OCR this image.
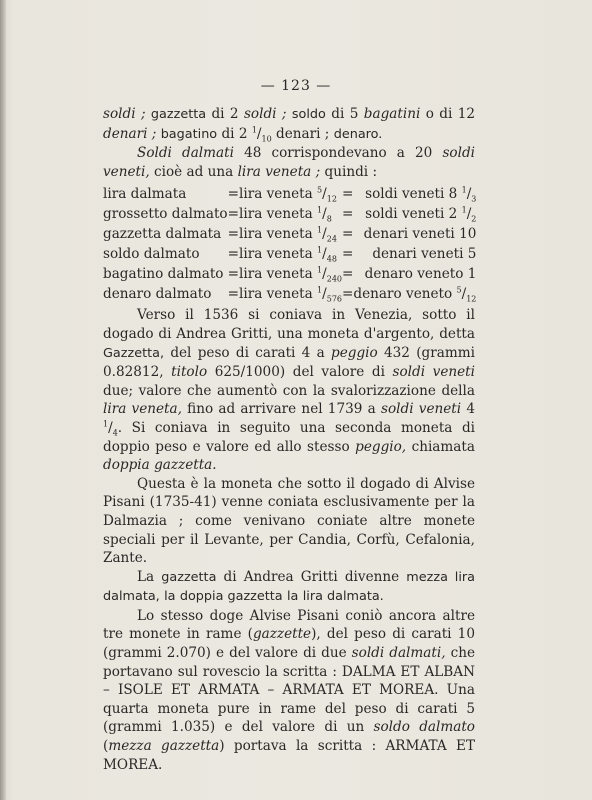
— 123 —

soldi ; gazzetta di 2 soldi ; soldo di 5 bagatini o di 12 denari ; bagatino di 2 $^1/_{10}$ denari ; denaro.

Soldi dalmati 48 corrispondevano a 20 soldi veneti, cioè ad una lira veneta ; quindi :

lira dalmata	=	lira veneta $^5/_{12}$	=	soldi veneti 8 $^1/_3$
grossetto dalmato	=	lira veneta $^1/_8$	=	soldi veneti 2 $^1/_2$
gazzetta dalmata	=	lira veneta $^1/_{24}$	=	denari veneti 10
soldo dalmato	=	lira veneta $^1/_{48}$	=	denari veneti 5
bagatino dalmato	=	lira veneta $^1/_{240}$	=	denaro veneto 1
denaro dalmato	=	lira veneta $^1/_{576}$	=	denaro veneto $^5/_{12}$

Verso il 1536 si coniava in Venezia, sotto il dogado di Andrea Gritti, una moneta d'argento, detta Gazzetta, del peso di carati 4 a peggio 432 (grammi 0.82812, titolo 625/1000) del valore di soldi veneti due; valore che aumentò con la svalorizzazione della lira veneta, fino ad arrivare nel 1739 a soldi veneti 4 $^1/_4$. Si coniava in seguito una seconda moneta di doppio peso e valore ed allo stesso peggio, chiamata doppia gazzetta.

Questa è la moneta che sotto il dogado di Alvise Pisani (1735-41) venne coniata esclusivamente per la Dalmazia ; come venivano coniate altre monete speciali per il Levante, per Candia, Corfù, Cefalonia, Zante.

La gazzetta di Andrea Gritti divenne mezza lira dalmata, la doppia gazzetta la lira dalmata.

Lo stesso doge Alvise Pisani coniò ancora altre tre monete in rame (gazzette), del peso di carati 10 (grammi 2.070) e del valore di due soldi dalmati, che portavano sul rovescio la scritta : DALMA ET ALBAN – ISOLE ET ARMATA – ARMATA ET MOREA. Una quarta moneta pure in rame del peso di carati 5 (grammi 1.035) e del valore di un soldo dalmato (mezza gazzetta) portava la scritta : ARMATA ET MOREA.
